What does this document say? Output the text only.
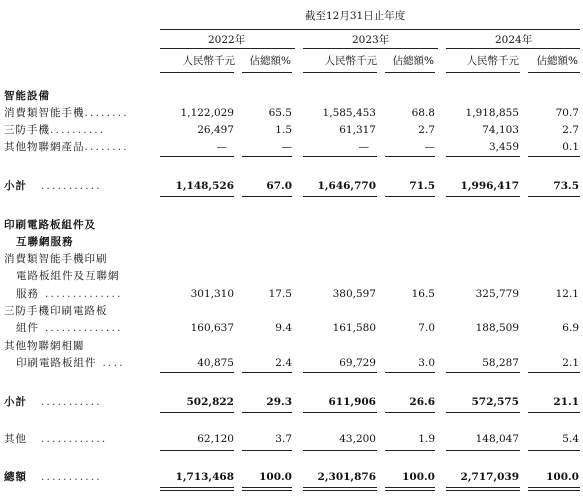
截至12月31日止年度
2022年	2023年	2024年
人民幣千元 佔總額%	人民幣千元 佔總額%	人民幣千元 佔總額%
智能設備
消費類智能手機........	1,122,029	65.5	1,585,453	68.8	1,918,855	70.7
三防手機..........	26,497	1.5	61,317	2.7	74,103	2.7
其他物聯網產品........	—	—	—	—	3,459	0.1
小計 ...........	1,148,526	67.0 1,646,770	71.5 1,996,417	73.5
印刷電路板組件及
互聯網服務
消費類智能手機印刷
電路板組件及互聯網
服務 ..............	301,310	17.5	380,597	16.5	325,779	12.1
三防手機印刷電路板
組件 ..............	160,637	9.4	161,580	7.0	188,509	6.9
其他物聯網相關
印刷電路板組件 ....	40,875	2.4	69,729	3.0	58,287	2.1
小計 ...........	502,822	29.3	611,906	26.6	572,575	21.1
其他 ............	62,120	3.7	43,200	1.9	148,047	5.4
總額 ...........	1,713,468 100.0 2,301,876 100.0 2,717,039	100.0
